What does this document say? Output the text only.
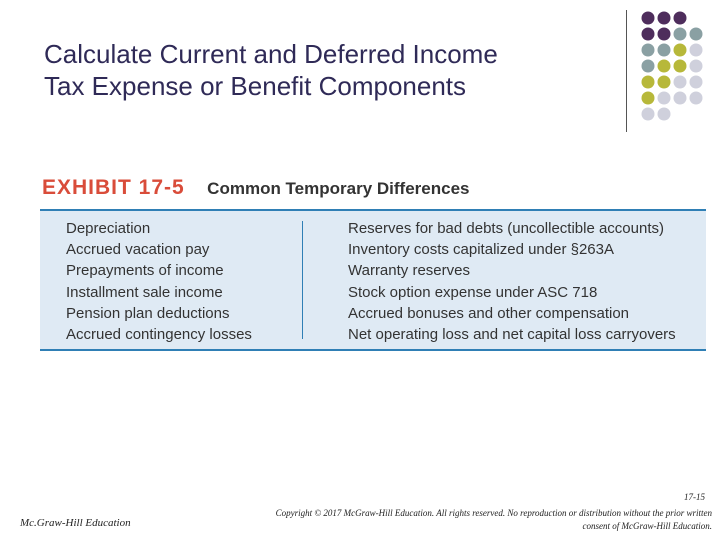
Calculate Current and Deferred Income
Tax Expense or Benefit Components
EXHIBIT 17-5 Common Temporary Differences
Depreciation
Accrued vacation pay
Prepayments of income
Installment sale income
Pension plan deductions
Accrued contingency losses
Reserves for bad debts (uncollectible accounts)
Inventory costs capitalized under §263A
Warranty reserves
Stock option expense under ASC 718
Accrued bonuses and other compensation
Net operating loss and net capital loss carryovers
Mc.Graw-Hill Education
17-15
Copyright © 2017 McGraw-Hill Education. All rights reserved. No reproduction or distribution without the prior written
consent of McGraw-Hill Education.
